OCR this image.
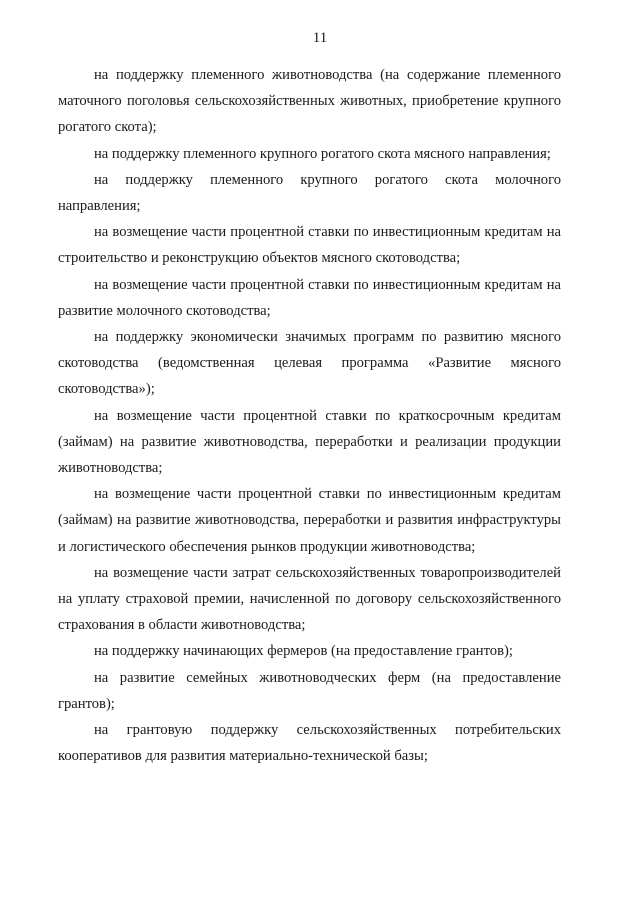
11

на поддержку племенного животноводства (на содержание племенного маточного поголовья сельскохозяйственных животных, приобретение крупного рогатого скота);

на поддержку племенного крупного рогатого скота мясного направления;

на поддержку племенного крупного рогатого скота молочного направления;

на возмещение части процентной ставки по инвестиционным кредитам на строительство и реконструкцию объектов мясного скотоводства;

на возмещение части процентной ставки по инвестиционным кредитам на развитие молочного скотоводства;

на поддержку экономически значимых программ по развитию мясного скотоводства (ведомственная целевая программа «Развитие мясного скотоводства»);

на возмещение части процентной ставки по краткосрочным кредитам (займам) на развитие животноводства, переработки и реализации продукции животноводства;

на возмещение части процентной ставки по инвестиционным кредитам (займам) на развитие животноводства, переработки и развития инфраструктуры и логистического обеспечения рынков продукции животноводства;

на возмещение части затрат сельскохозяйственных товаропроизводителей на уплату страховой премии, начисленной по договору сельскохозяйственного страхования в области животноводства;

на поддержку начинающих фермеров (на предоставление грантов);

на развитие семейных животноводческих ферм (на предоставление грантов);

на грантовую поддержку сельскохозяйственных потребительских кооперативов для развития материально-технической базы;
